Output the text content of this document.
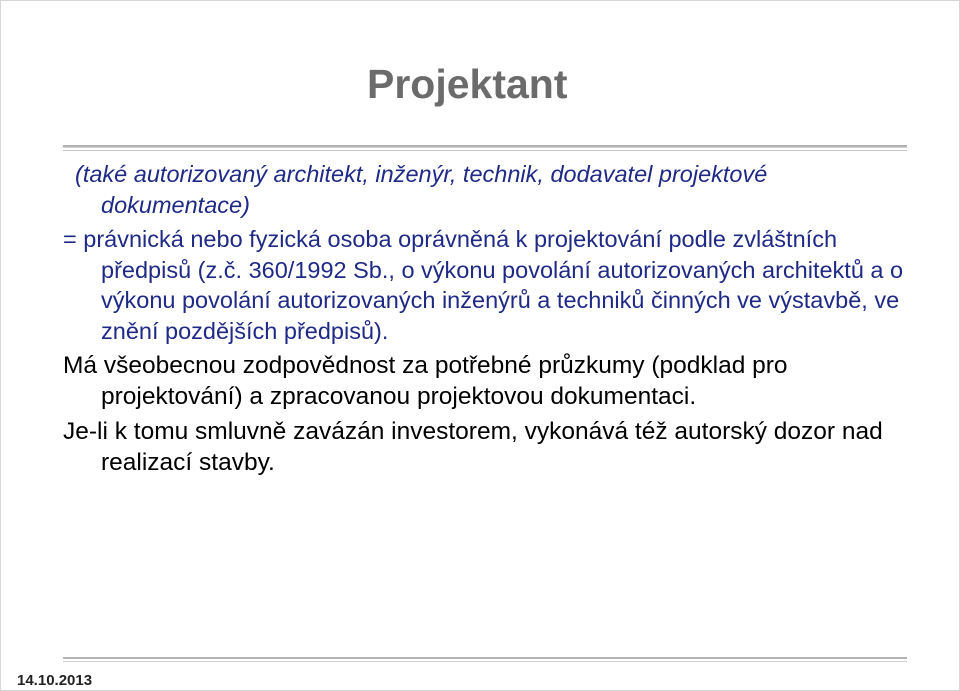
Projektant

(také autorizovaný architekt, inženýr, technik, dodavatel projektové dokumentace)

= právnická nebo fyzická osoba oprávněná k projektování podle zvláštních předpisů (z.č. 360/1992 Sb., o výkonu povolání autorizovaných architektů a o výkonu povolání autorizovaných inženýrů a techniků činných ve výstavbě, ve znění pozdějších předpisů).

Má všeobecnou zodpovědnost za potřebné průzkumy (podklad pro projektování) a zpracovanou projektovou dokumentaci.

Je-li k tomu smluvně zavázán investorem, vykonává též autorský dozor nad realizací stavby.

14.10.2013
